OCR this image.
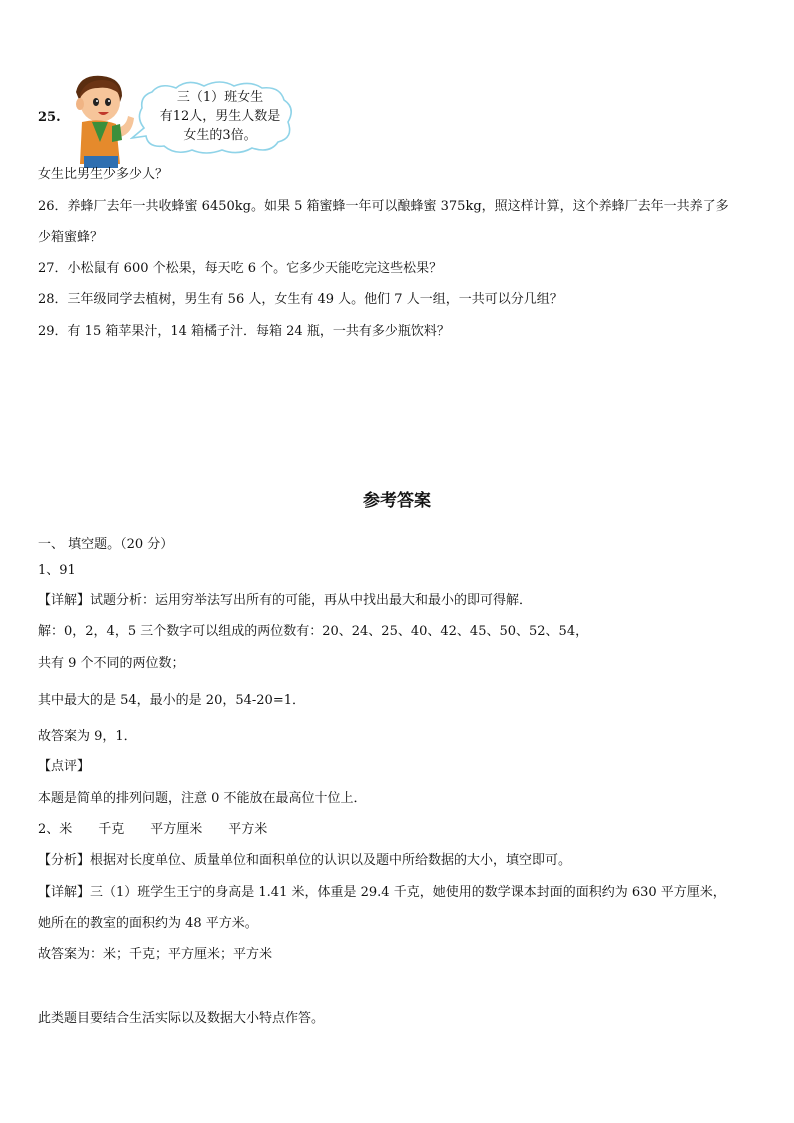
25.
三（1）班女生
有12人，男生人数是
女生的3倍。
女生比男生少多少人？
26．养蜂厂去年一共收蜂蜜 6450kg。如果 5 箱蜜蜂一年可以酿蜂蜜 375kg，照这样计算，这个养蜂厂去年一共养了多
少箱蜜蜂？
27．小松鼠有 600 个松果，每天吃 6 个。它多少天能吃完这些松果？
28．三年级同学去植树，男生有 56 人，女生有 49 人。他们 7 人一组，一共可以分几组？
29．有 15 箱苹果汁，14 箱橘子汁．每箱 24 瓶，一共有多少瓶饮料？
参考答案
一、 填空题。（20 分）
1、91
【详解】试题分析：运用穷举法写出所有的可能，再从中找出最大和最小的即可得解．
解：0，2，4，5 三个数字可以组成的两位数有：20、24、25、40、42、45、50、52、54，
共有 9 个不同的两位数；
其中最大的是 54，最小的是 20，54-20=1．
故答案为 9，1．
【点评】
本题是简单的排列问题，注意 0 不能放在最高位十位上．
2、米　　千克　　平方厘米　　平方米
【分析】根据对长度单位、质量单位和面积单位的认识以及题中所给数据的大小，填空即可。
【详解】三（1）班学生王宁的身高是 1.41 米，体重是 29.4 千克，她使用的数学课本封面的面积约为 630 平方厘米，
她所在的教室的面积约为 48 平方米。
故答案为：米；千克；平方厘米；平方米
此类题目要结合生活实际以及数据大小特点作答。
